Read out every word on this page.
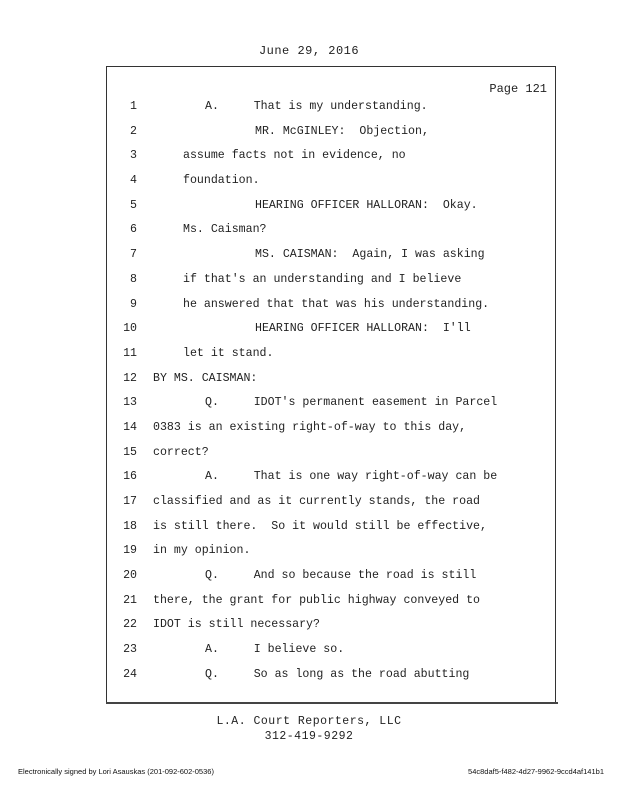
June 29, 2016
Page 121
1	A.     That is my understanding.
2	MR. McGINLEY:  Objection,
3	assume facts not in evidence, no
4	foundation.
5	HEARING OFFICER HALLORAN:  Okay.
6	Ms. Caisman?
7	MS. CAISMAN:  Again, I was asking
8	if that's an understanding and I believe
9	he answered that that was his understanding.
10	HEARING OFFICER HALLORAN:  I'll
11	let it stand.
12 BY MS. CAISMAN:
13	Q.     IDOT's permanent easement in Parcel
14 0383 is an existing right-of-way to this day,
15 correct?
16	A.     That is one way right-of-way can be
17 classified and as it currently stands, the road
18 is still there.  So it would still be effective,
19 in my opinion.
20	Q.     And so because the road is still
21 there, the grant for public highway conveyed to
22 IDOT is still necessary?
23	A.     I believe so.
24	Q.     So as long as the road abutting
L.A. Court Reporters, LLC
312-419-9292
Electronically signed by Lori Asauskas (201-092-602-0536)	54c8daf5-f482-4d27-9962-9ccd4af141b1
